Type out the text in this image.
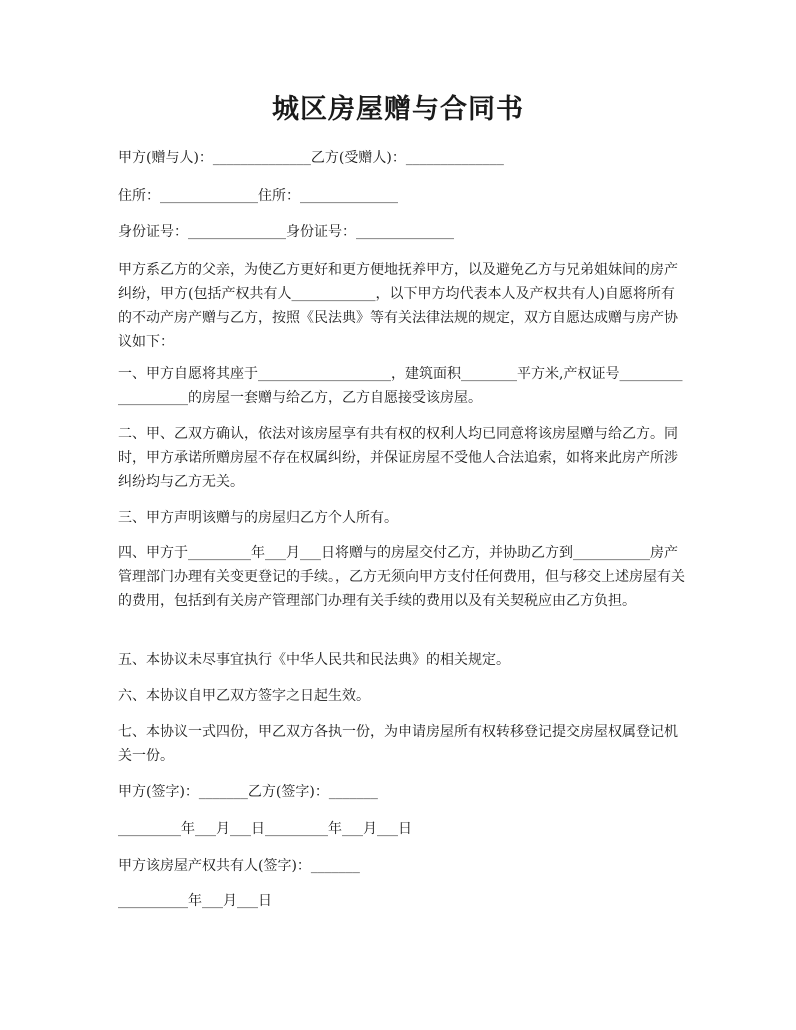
城区房屋赠与合同书

甲方(赠与人)：______________乙方(受赠人)：______________

住所：______________住所：______________

身份证号：______________身份证号：______________

甲方系乙方的父亲，为使乙方更好和更方便地抚养甲方，以及避免乙方与兄弟姐妹间的房产纠纷，甲方(包括产权共有人____________，以下甲方均代表本人及产权共有人)自愿将所有的不动产房产赠与乙方，按照《民法典》等有关法律法规的规定，双方自愿达成赠与房产协议如下：

一、甲方自愿将其座于___________________，建筑面积________平方米,产权证号___________________的房屋一套赠与给乙方，乙方自愿接受该房屋。

二、甲、乙双方确认，依法对该房屋享有共有权的权利人均已同意将该房屋赠与给乙方。同时，甲方承诺所赠房屋不存在权属纠纷，并保证房屋不受他人合法追索，如将来此房产所涉纠纷均与乙方无关。

三、甲方声明该赠与的房屋归乙方个人所有。

四、甲方于_________年___月___日将赠与的房屋交付乙方，并协助乙方到___________房产管理部门办理有关变更登记的手续。，乙方无须向甲方支付任何费用，但与移交上述房屋有关的费用，包括到有关房产管理部门办理有关手续的费用以及有关契税应由乙方负担。

五、本协议未尽事宜执行《中华人民共和民法典》的相关规定。

六、本协议自甲乙双方签字之日起生效。

七、本协议一式四份，甲乙双方各执一份，为申请房屋所有权转移登记提交房屋权属登记机关一份。

甲方(签字)：_______乙方(签字)：_______

_________年___月___日_________年___月___日

甲方该房屋产权共有人(签字)：_______

__________年___月___日
